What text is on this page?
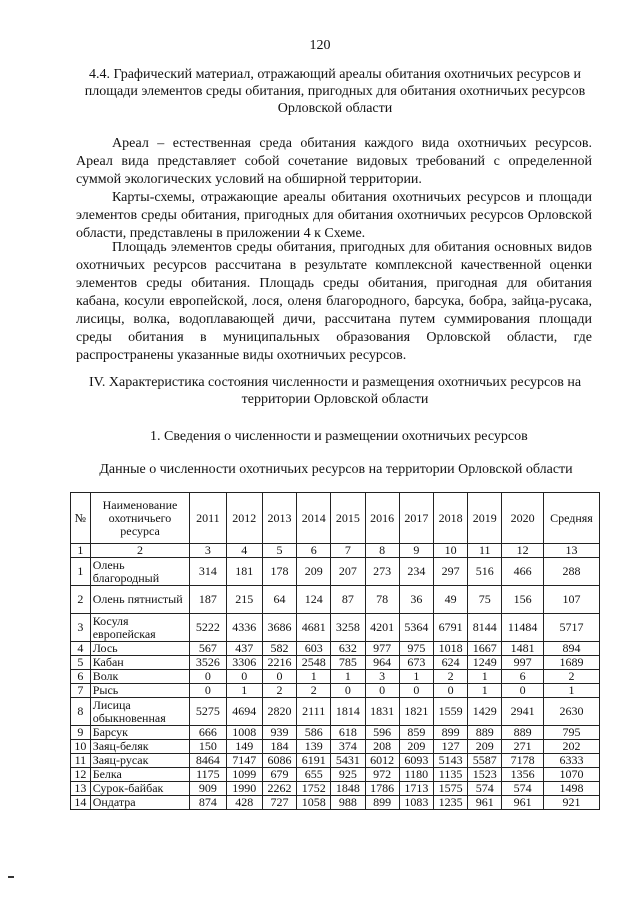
120
4.4. Графический материал, отражающий ареалы обитания охотничьих ресурсов и площади элементов среды обитания, пригодных для обитания охотничьих ресурсов Орловской области

Ареал – естественная среда обитания каждого вида охотничьих ресурсов. Ареал вида представляет собой сочетание видовых требований с определенной суммой экологических условий на обширной территории.

Карты-схемы, отражающие ареалы обитания охотничьих ресурсов и площади элементов среды обитания, пригодных для обитания охотничьих ресурсов Орловской области, представлены в приложении 4 к Схеме.

Площадь элементов среды обитания, пригодных для обитания основных видов охотничьих ресурсов рассчитана в результате комплексной качественной оценки элементов среды обитания. Площадь среды обитания, пригодная для обитания кабана, косули европейской, лося, оленя благородного, барсука, бобра, зайца-русака, лисицы, волка, водоплавающей дичи, рассчитана путем суммирования площади среды обитания в муниципальных образования Орловской области, где распространены указанные виды охотничьих ресурсов.

IV. Характеристика состояния численности и размещения охотничьих ресурсов на территории Орловской области
1. Сведения о численности и размещении охотничьих ресурсов
Данные о численности охотничьих ресурсов на территории Орловской области
№	Наименование охотничьего ресурса	2011	2012	2013	2014	2015	2016	2017	2018	2019	2020	Средняя
1	2	3	4	5	6	7	8	9	10	11	12	13
1	Олень благородный	314	181	178	209	207	273	234	297	516	466	288
2	Олень пятнистый	187	215	64	124	87	78	36	49	75	156	107
3	Косуля европейская	5222	4336	3686	4681	3258	4201	5364	6791	8144	11484	5717
4	Лось	567	437	582	603	632	977	975	1018	1667	1481	894
5	Кабан	3526	3306	2216	2548	785	964	673	624	1249	997	1689
6	Волк	0	0	0	1	1	3	1	2	1	6	2
7	Рысь	0	1	2	2	0	0	0	0	1	0	1
8	Лисица обыкновенная	5275	4694	2820	2111	1814	1831	1821	1559	1429	2941	2630
9	Барсук	666	1008	939	586	618	596	859	899	889	889	795
10	Заяц-беляк	150	149	184	139	374	208	209	127	209	271	202
11	Заяц-русак	8464	7147	6086	6191	5431	6012	6093	5143	5587	7178	6333
12	Белка	1175	1099	679	655	925	972	1180	1135	1523	1356	1070
13	Сурок-байбак	909	1990	2262	1752	1848	1786	1713	1575	574	574	1498
14	Ондатра	874	428	727	1058	988	899	1083	1235	961	961	921
